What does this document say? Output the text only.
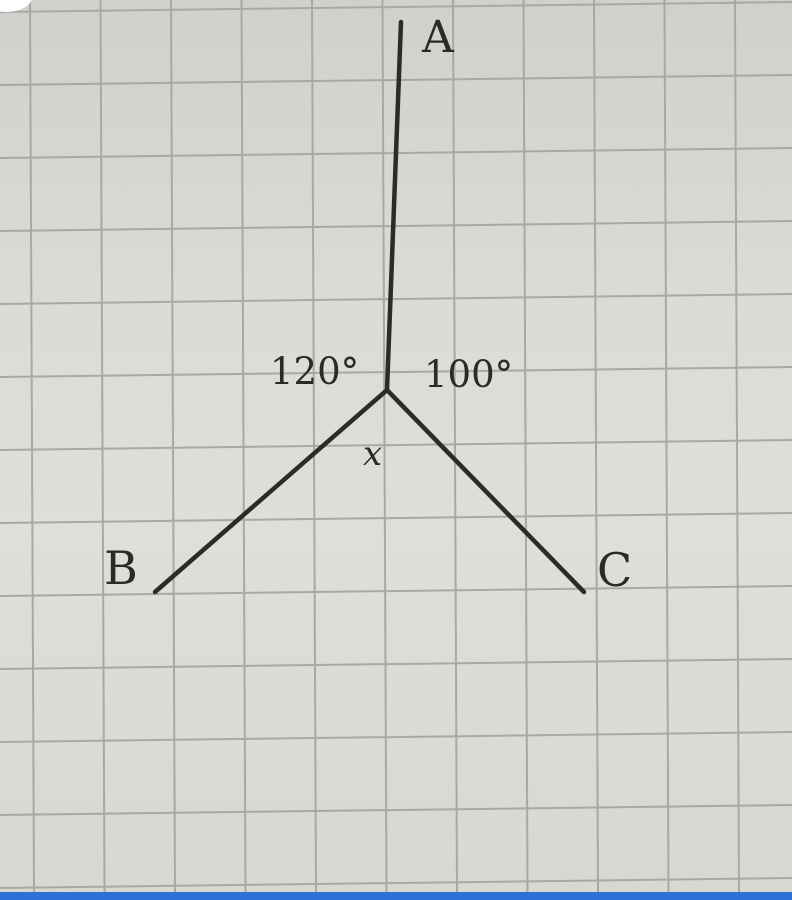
A
B	C
120° 100°
x
